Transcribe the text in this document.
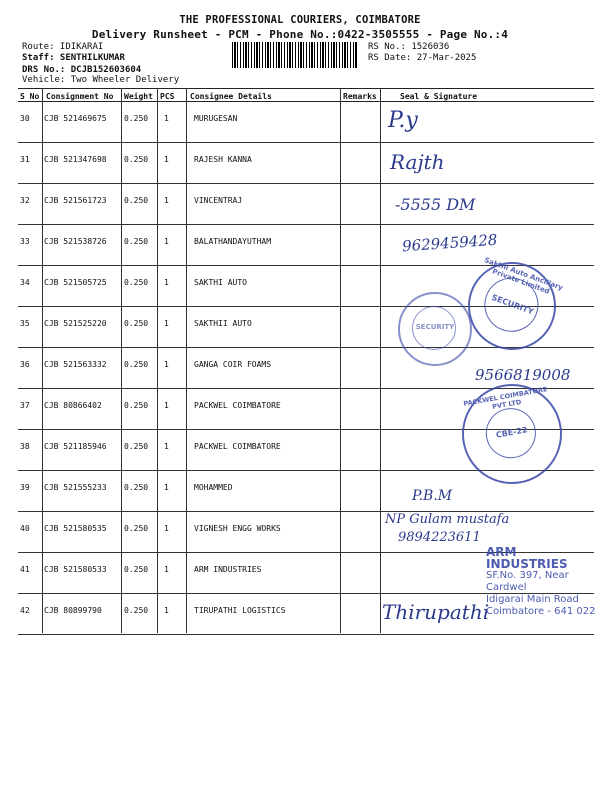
THE PROFESSIONAL COURIERS, COIMBATORE
Delivery Runsheet - PCM - Phone No.:0422-3505555 - Page No.:4
Route: IDIKARAI
Staff: SENTHILKUMAR
DRS No.: DCJB152603604
Vehicle: Two Wheeler Delivery
RS No.: 1526036
RS Date: 27-Mar-2025
S No Consignment No Weight PCS Consignee Details	Remarks	Seal & Signature
30 CJB 521469675 0.250 1	MURUGESAN
31 CJB 521347698 0.250 1	RAJESH KANNA
32 CJB 521561723 0.250 1	VINCENTRAJ
33 CJB 521538726 0.250 1	BALATHANDAYUTHAM
34 CJB 521505725 0.250 1	SAKTHI AUTO
35 CJB 521525220 0.250 1	SAKTHII AUTO
36 CJB 521563332 0.250 1	GANGA COIR FOAMS
37 CJB 80866402	0.250 1	PACKWEL COIMBATORE
38 CJB 521185946 0.250 1	PACKWEL COIMBATORE
39 CJB 521555233 0.250 1	MOHAMMED
40 CJB 521580535 0.250 1	VIGNESH ENGG WORKS
41 CJB 521580533 0.250 1	ARM INDUSTRIES
42 CJB 80899790	0.250 1	TIRUPATHI LOGISTICS
P.y
Rajth
-5555 DM
9629459428
9566819008
P.B.M
NP Gulam mustafa
9894223611
Thirupathi
Sakthi Auto Ancillary Private Limited
SECURITY
SECURITY
PACKWEL COIMBATORE PVT LTD
CBE-22
ARM INDUSTRIES
SF.No. 397, Near Cardwel
Idigarai Main Road
Coimbatore - 641 022
